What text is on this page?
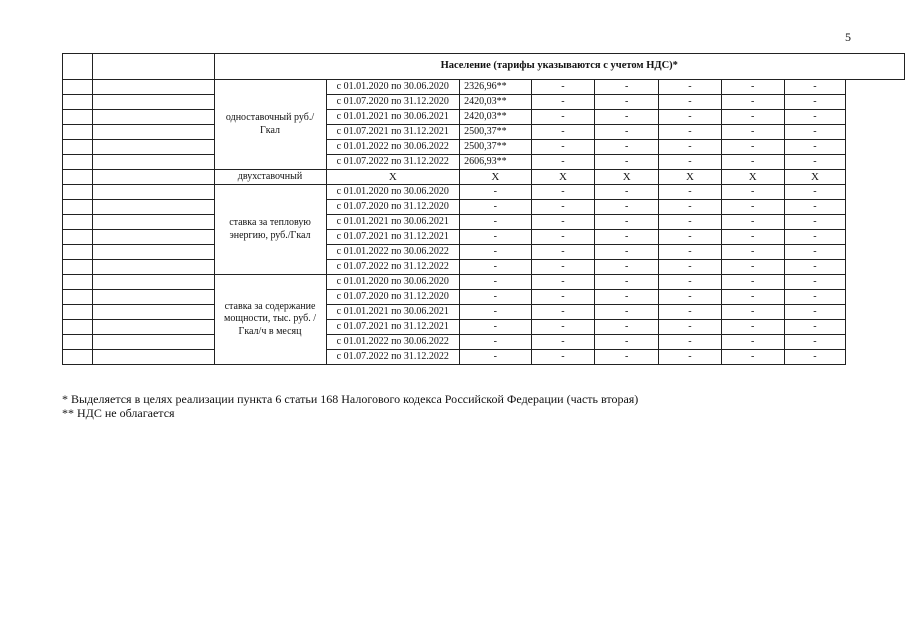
5
		Население (тарифы указываются с учетом НДС)*							
		одноставочный руб./Гкал	с 01.01.2020 по 30.06.2020	2326,96**	-	-	-	-	-
			с 01.07.2020 по 31.12.2020	2420,03**	-	-	-	-	-
			с 01.01.2021 по 30.06.2021	2420,03**	-	-	-	-	-
			с 01.07.2021 по 31.12.2021	2500,37**	-	-	-	-	-
			с 01.01.2022 по 30.06.2022	2500,37**	-	-	-	-	-
			с 01.07.2022 по 31.12.2022	2606,93**	-	-	-	-	-
		двухставочный	X	X	X	X	X	X	X
		ставка за тепловую энергию, руб./Гкал	с 01.01.2020 по 30.06.2020	-	-	-	-	-	-
			с 01.07.2020 по 31.12.2020	-	-	-	-	-	-
			с 01.01.2021 по 30.06.2021	-	-	-	-	-	-
			с 01.07.2021 по 31.12.2021	-	-	-	-	-	-
			с 01.01.2022 по 30.06.2022	-	-	-	-	-	-
			с 01.07.2022 по 31.12.2022	-	-	-	-	-	-
		ставка за содержание мощности, тыс. руб. /Гкал/ч в месяц	с 01.01.2020 по 30.06.2020	-	-	-	-	-	-
			с 01.07.2020 по 31.12.2020	-	-	-	-	-	-
			с 01.01.2021 по 30.06.2021	-	-	-	-	-	-
			с 01.07.2021 по 31.12.2021	-	-	-	-	-	-
			с 01.01.2022 по 30.06.2022	-	-	-	-	-	-
			с 01.07.2022 по 31.12.2022	-	-	-	-	-	-
* Выделяется в целях реализации пункта 6 статьи 168 Налогового кодекса Российской Федерации (часть вторая)
** НДС не облагается
